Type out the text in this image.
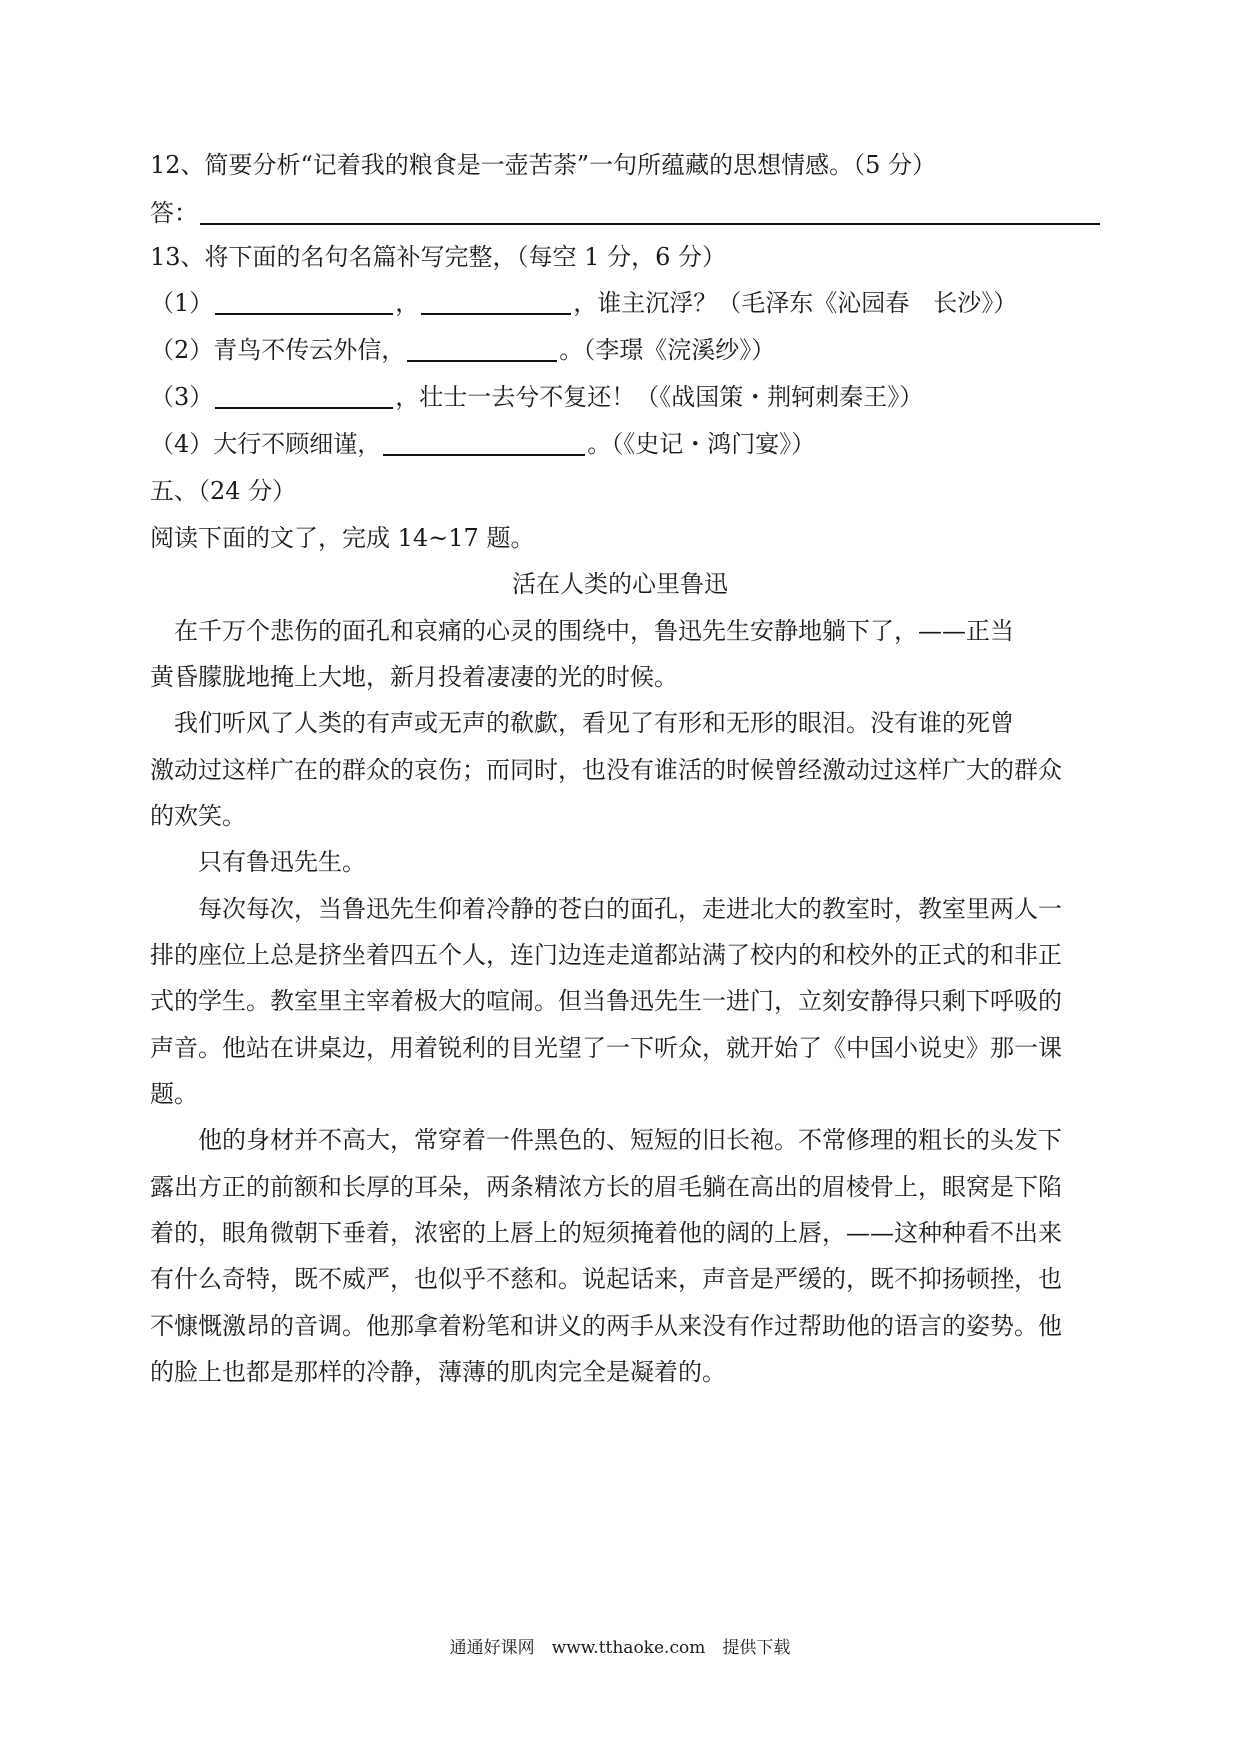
12、简要分析“记着我的粮食是一壶苦荼”一句所蕴藏的思想情感。（5 分）
答：
13、将下面的名句名篇补写完整，（每空 1 分，6 分）
（1）	，	，谁主沉浮？（毛泽东《沁园春　长沙》）
（2）青鸟不传云外信，	。（李璟《浣溪纱》）
（3）	，壮士一去兮不复还！（《战国策・荆轲刺秦王》）
（4）大行不顾细谨，	。（《史记・鸿门宴》）
五、（24 分）
阅读下面的文了，完成 14~17 题。
活在人类的心里鲁迅
　在千万个悲伤的面孔和哀痛的心灵的围绕中，鲁迅先生安静地躺下了，——正当
黄昏朦胧地掩上大地，新月投着凄凄的光的时候。
　我们听风了人类的有声或无声的欷歔，看见了有形和无形的眼泪。没有谁的死曾
激动过这样广在的群众的哀伤；而同时，也没有谁活的时候曾经激动过这样广大的群众
的欢笑。
只有鲁迅先生。
每次每次，当鲁迅先生仰着冷静的苍白的面孔，走进北大的教室时，教室里两人一
排的座位上总是挤坐着四五个人，连门边连走道都站满了校内的和校外的正式的和非正
式的学生。教室里主宰着极大的喧闹。但当鲁迅先生一进门，立刻安静得只剩下呼吸的
声音。他站在讲桌边，用着锐利的目光望了一下听众，就开始了《中国小说史》那一课
题。
他的身材并不高大，常穿着一件黑色的、短短的旧长袍。不常修理的粗长的头发下
露出方正的前额和长厚的耳朵，两条精浓方长的眉毛躺在高出的眉棱骨上，眼窝是下陷
着的，眼角微朝下垂着，浓密的上唇上的短须掩着他的阔的上唇，——这种种看不出来
有什么奇特，既不威严，也似乎不慈和。说起话来，声音是严缓的，既不抑扬顿挫，也
不慷慨激昂的音调。他那拿着粉笔和讲义的两手从来没有作过帮助他的语言的姿势。他
的脸上也都是那样的冷静，薄薄的肌肉完全是凝着的。
通通好课网　www.tthaoke.com　提供下载
